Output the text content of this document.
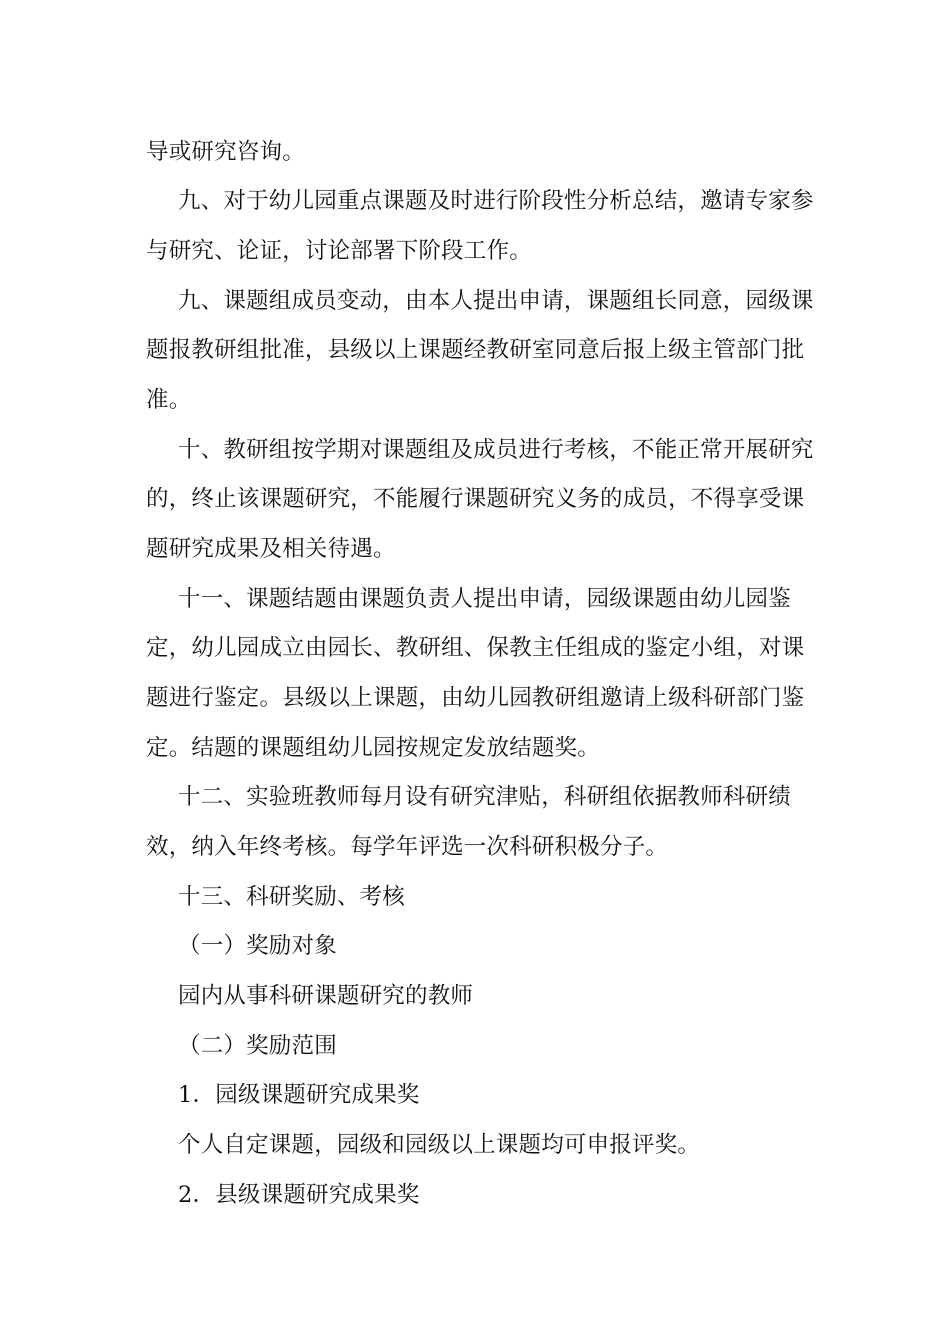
导或研究咨询。
九、对于幼儿园重点课题及时进行阶段性分析总结，邀请专家参
与研究、论证，讨论部署下阶段工作。
九、课题组成员变动，由本人提出申请，课题组长同意，园级课
题报教研组批准，县级以上课题经教研室同意后报上级主管部门批
准。
十、教研组按学期对课题组及成员进行考核，不能正常开展研究
的，终止该课题研究，不能履行课题研究义务的成员，不得享受课
题研究成果及相关待遇。
十一、课题结题由课题负责人提出申请，园级课题由幼儿园鉴
定，幼儿园成立由园长、教研组、保教主任组成的鉴定小组，对课
题进行鉴定。县级以上课题，由幼儿园教研组邀请上级科研部门鉴
定。结题的课题组幼儿园按规定发放结题奖。
十二、实验班教师每月设有研究津贴，科研组依据教师科研绩
效，纳入年终考核。每学年评选一次科研积极分子。
十三、科研奖励、考核
（一）奖励对象
园内从事科研课题研究的教师
（二）奖励范围
1．园级课题研究成果奖
个人自定课题，园级和园级以上课题均可申报评奖。
2．县级课题研究成果奖
